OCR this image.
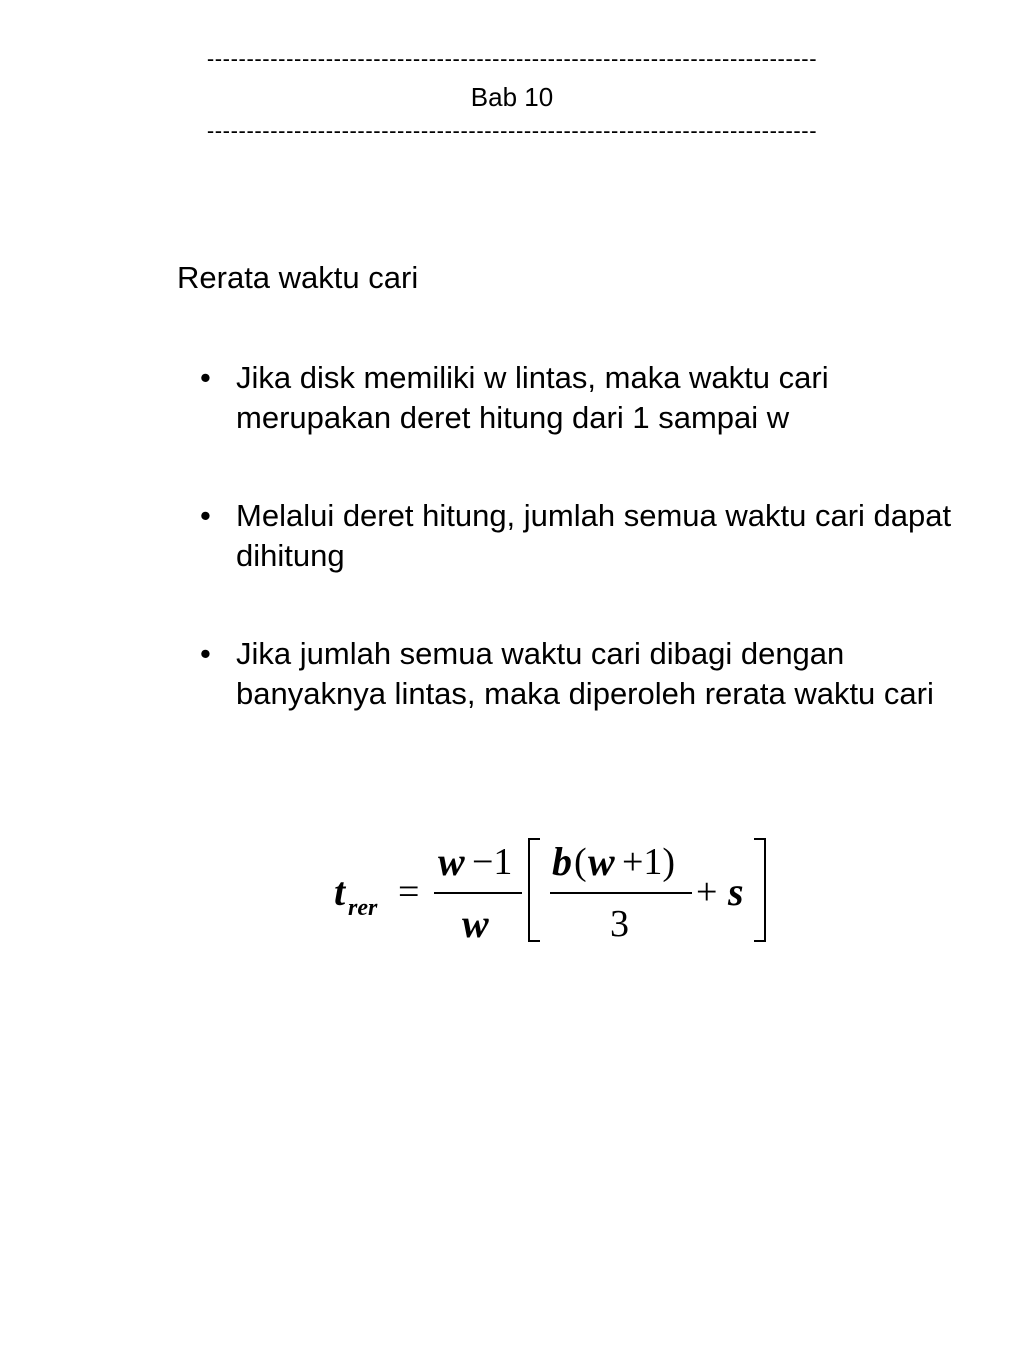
-----------------------------------------------------------------------------
Bab 10
-----------------------------------------------------------------------------
Rerata waktu cari
• Jika disk memiliki w lintas, maka waktu cari merupakan deret hitung dari 1 sampai w
• Melalui deret hitung, jumlah semua waktu cari dapat dihitung
• Jika jumlah semua waktu cari dibagi dengan banyaknya lintas, maka diperoleh rerata waktu cari
t rer =
w −1
w
b ( w +1)
3
+ s
